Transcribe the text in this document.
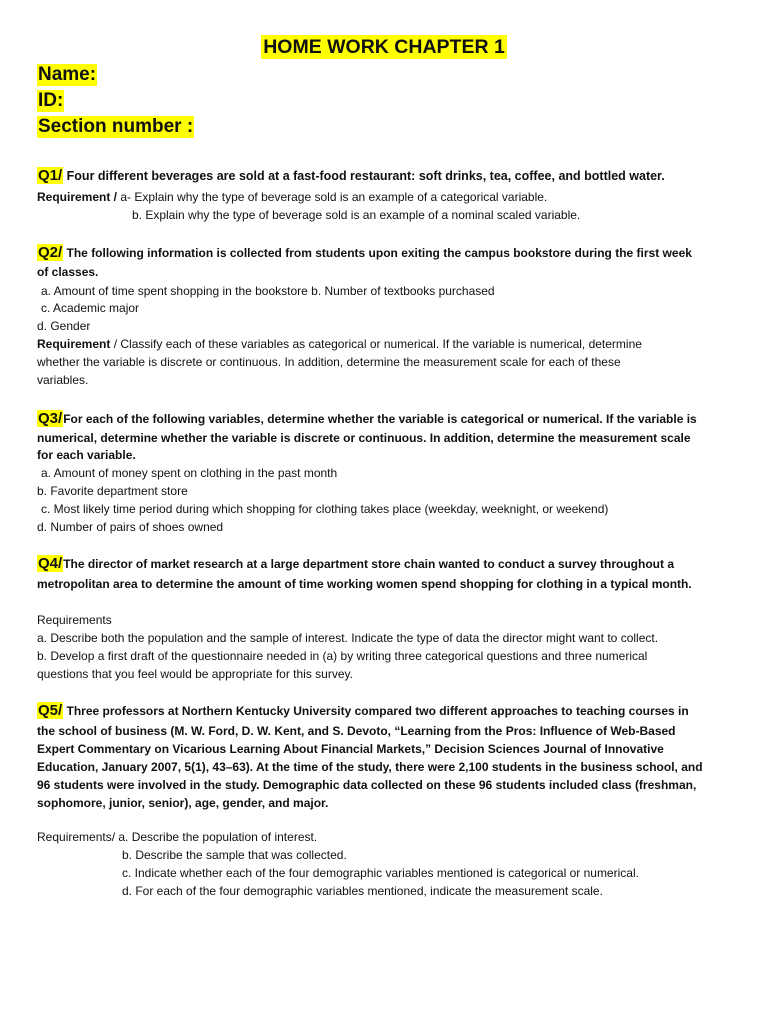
HOME WORK CHAPTER 1
Name:
ID:
Section number :
Q1/ Four different beverages are sold at a fast-food restaurant: soft drinks, tea, coffee, and bottled water.
Requirement / a- Explain why the type of beverage sold is an example of a categorical variable.
b. Explain why the type of beverage sold is an example of a nominal scaled variable.
Q2/ The following information is collected from students upon exiting the campus bookstore during the first week
of classes.
a. Amount of time spent shopping in the bookstore b. Number of textbooks purchased
c. Academic major
d. Gender
Requirement / Classify each of these variables as categorical or numerical. If the variable is numerical, determine
whether the variable is discrete or continuous. In addition, determine the measurement scale for each of these
variables.
Q3/For each of the following variables, determine whether the variable is categorical or numerical. If the variable is
numerical, determine whether the variable is discrete or continuous. In addition, determine the measurement scale
for each variable.
a. Amount of money spent on clothing in the past month
b. Favorite department store
c. Most likely time period during which shopping for clothing takes place (weekday, weeknight, or weekend)
d. Number of pairs of shoes owned
Q4/The director of market research at a large department store chain wanted to conduct a survey throughout a
metropolitan area to determine the amount of time working women spend shopping for clothing in a typical month.
Requirements
a. Describe both the population and the sample of interest. Indicate the type of data the director might want to collect.
b. Develop a first draft of the questionnaire needed in (a) by writing three categorical questions and three numerical
questions that you feel would be appropriate for this survey.
Q5/ Three professors at Northern Kentucky University compared two different approaches to teaching courses in
the school of business (M. W. Ford, D. W. Kent, and S. Devoto, “Learning from the Pros: Influence of Web-Based
Expert Commentary on Vicarious Learning About Financial Markets,” Decision Sciences Journal of Innovative
Education, January 2007, 5(1), 43–63). At the time of the study, there were 2,100 students in the business school, and
96 students were involved in the study. Demographic data collected on these 96 students included class (freshman,
sophomore, junior, senior), age, gender, and major.
Requirements/ a. Describe the population of interest.
b. Describe the sample that was collected.
c. Indicate whether each of the four demographic variables mentioned is categorical or numerical.
d. For each of the four demographic variables mentioned, indicate the measurement scale.
